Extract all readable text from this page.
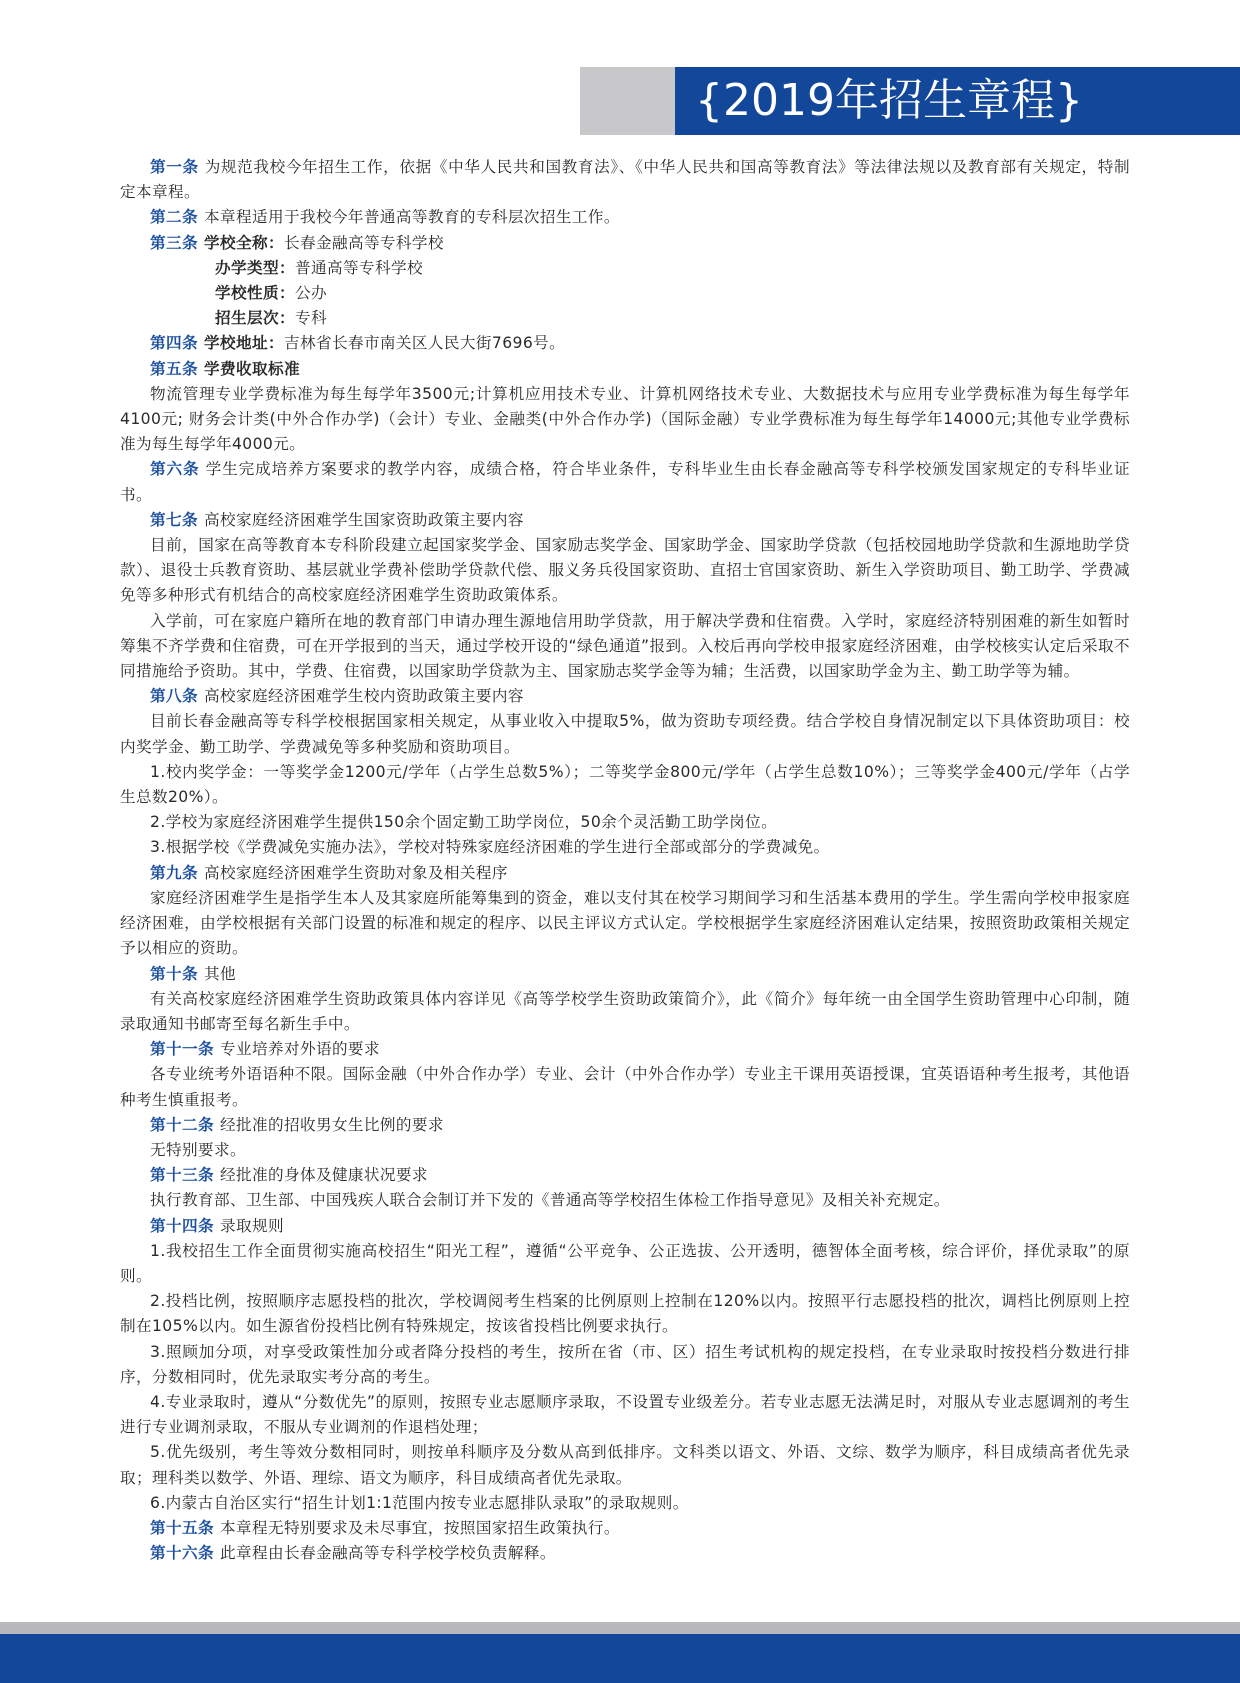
{2019年招生章程}

第一条 为规范我校今年招生工作，依据《中华人民共和国教育法》、《中华人民共和国高等教育法》等法律法规以及教育部有关规定，特制定本章程。

第二条 本章程适用于我校今年普通高等教育的专科层次招生工作。

第三条 学校全称：长春金融高等专科学校

办学类型：普通高等专科学校

学校性质：公办

招生层次：专科

第四条 学校地址：吉林省长春市南关区人民大街7696号。

第五条 学费收取标准

物流管理专业学费标准为每生每学年3500元;计算机应用技术专业、计算机网络技术专业、大数据技术与应用专业学费标准为每生每学年4100元; 财务会计类(中外合作办学)（会计）专业、金融类(中外合作办学)（国际金融）专业学费标准为每生每学年14000元;其他专业学费标准为每生每学年4000元。

第六条 学生完成培养方案要求的教学内容，成绩合格，符合毕业条件，专科毕业生由长春金融高等专科学校颁发国家规定的专科毕业证书。

第七条 高校家庭经济困难学生国家资助政策主要内容

目前，国家在高等教育本专科阶段建立起国家奖学金、国家励志奖学金、国家助学金、国家助学贷款（包括校园地助学贷款和生源地助学贷款）、退役士兵教育资助、基层就业学费补偿助学贷款代偿、服义务兵役国家资助、直招士官国家资助、新生入学资助项目、勤工助学、学费减免等多种形式有机结合的高校家庭经济困难学生资助政策体系。

入学前，可在家庭户籍所在地的教育部门申请办理生源地信用助学贷款，用于解决学费和住宿费。入学时，家庭经济特别困难的新生如暂时筹集不齐学费和住宿费，可在开学报到的当天，通过学校开设的“绿色通道”报到。入校后再向学校申报家庭经济困难，由学校核实认定后采取不同措施给予资助。其中，学费、住宿费，以国家助学贷款为主、国家励志奖学金等为辅；生活费，以国家助学金为主、勤工助学等为辅。

第八条 高校家庭经济困难学生校内资助政策主要内容

目前长春金融高等专科学校根据国家相关规定，从事业收入中提取5%，做为资助专项经费。结合学校自身情况制定以下具体资助项目：校内奖学金、勤工助学、学费减免等多种奖励和资助项目。

1.校内奖学金：一等奖学金1200元/学年（占学生总数5%）；二等奖学金800元/学年（占学生总数10%）；三等奖学金400元/学年（占学生总数20%）。

2.学校为家庭经济困难学生提供150余个固定勤工助学岗位，50余个灵活勤工助学岗位。

3.根据学校《学费减免实施办法》，学校对特殊家庭经济困难的学生进行全部或部分的学费减免。

第九条 高校家庭经济困难学生资助对象及相关程序

家庭经济困难学生是指学生本人及其家庭所能筹集到的资金，难以支付其在校学习期间学习和生活基本费用的学生。学生需向学校申报家庭经济困难，由学校根据有关部门设置的标准和规定的程序、以民主评议方式认定。学校根据学生家庭经济困难认定结果，按照资助政策相关规定予以相应的资助。

第十条 其他

有关高校家庭经济困难学生资助政策具体内容详见《高等学校学生资助政策简介》，此《简介》每年统一由全国学生资助管理中心印制，随录取通知书邮寄至每名新生手中。

第十一条 专业培养对外语的要求

各专业统考外语语种不限。国际金融（中外合作办学）专业、会计（中外合作办学）专业主干课用英语授课，宜英语语种考生报考，其他语种考生慎重报考。

第十二条 经批准的招收男女生比例的要求

无特别要求。

第十三条 经批准的身体及健康状况要求

执行教育部、卫生部、中国残疾人联合会制订并下发的《普通高等学校招生体检工作指导意见》及相关补充规定。

第十四条 录取规则

1.我校招生工作全面贯彻实施高校招生“阳光工程”，遵循“公平竞争、公正选拔、公开透明，德智体全面考核，综合评价，择优录取”的原则。

2.投档比例，按照顺序志愿投档的批次，学校调阅考生档案的比例原则上控制在120%以内。按照平行志愿投档的批次，调档比例原则上控制在105%以内。如生源省份投档比例有特殊规定，按该省投档比例要求执行。

3.照顾加分项，对享受政策性加分或者降分投档的考生，按所在省（市、区）招生考试机构的规定投档，在专业录取时按投档分数进行排序，分数相同时，优先录取实考分高的考生。

4.专业录取时，遵从“分数优先”的原则，按照专业志愿顺序录取，不设置专业级差分。若专业志愿无法满足时，对服从专业志愿调剂的考生进行专业调剂录取，不服从专业调剂的作退档处理；

5.优先级别，考生等效分数相同时，则按单科顺序及分数从高到低排序。文科类以语文、外语、文综、数学为顺序，科目成绩高者优先录取；理科类以数学、外语、理综、语文为顺序，科目成绩高者优先录取。

6.内蒙古自治区实行“招生计划1:1范围内按专业志愿排队录取”的录取规则。

第十五条 本章程无特别要求及未尽事宜，按照国家招生政策执行。

第十六条 此章程由长春金融高等专科学校学校负责解释。
